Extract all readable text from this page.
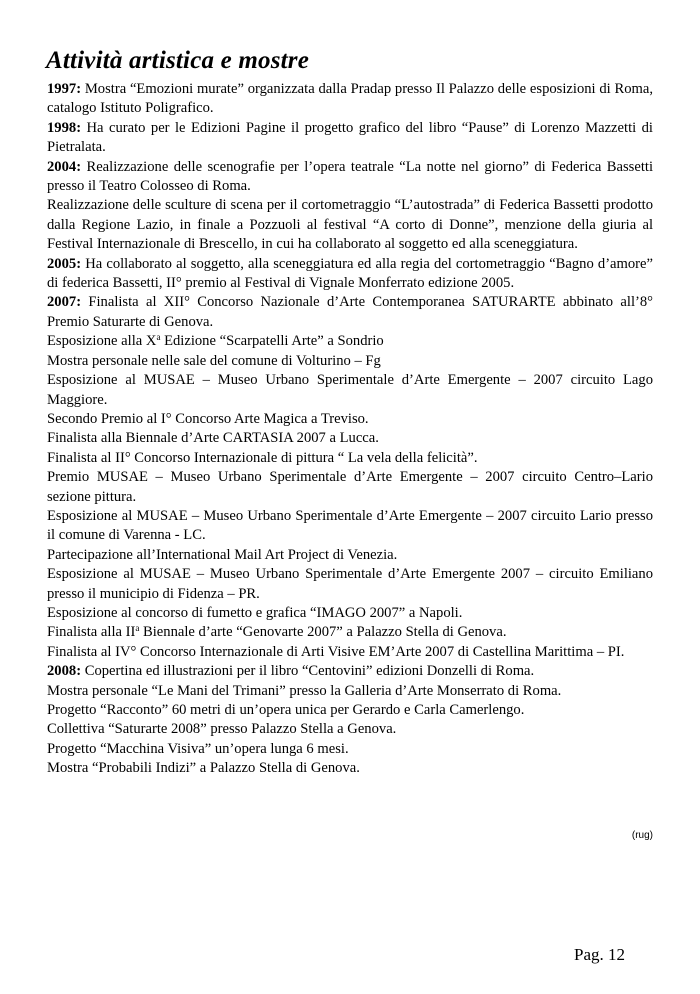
Attività artistica e mostre

1997: Mostra “Emozioni murate” organizzata dalla Pradap presso Il Palazzo delle esposizioni di Roma, catalogo Istituto Poligrafico.

1998: Ha curato per le Edizioni Pagine il progetto grafico del libro “Pause” di Lorenzo Mazzetti di Pietralata.

2004: Realizzazione delle scenografie per l’opera teatrale “La notte nel giorno” di Federica Bassetti presso il Teatro Colosseo di Roma.

Realizzazione delle sculture di scena per il cortometraggio “L’autostrada” di Federica Bassetti prodotto dalla Regione Lazio, in finale a Pozzuoli al festival “A corto di Donne”, menzione della giuria al Festival Internazionale di Brescello, in cui ha collaborato al soggetto ed alla sceneggiatura.

2005: Ha collaborato al soggetto, alla sceneggiatura ed alla regia del cortometraggio “Bagno d’amore” di federica Bassetti, II° premio al Festival di Vignale Monferrato edizione 2005.

2007: Finalista al XII° Concorso Nazionale d’Arte Contemporanea SATURARTE abbinato all’8° Premio Saturarte di Genova.

Esposizione alla $X^a$ Edizione “Scarpatelli Arte” a Sondrio

Mostra personale nelle sale del comune di Volturino – Fg

Esposizione al MUSAE – Museo Urbano Sperimentale d’Arte Emergente – 2007 circuito Lago Maggiore.

Secondo Premio al I° Concorso Arte Magica a Treviso.

Finalista alla Biennale d’Arte CARTASIA 2007 a Lucca.

Finalista al II° Concorso Internazionale di pittura “ La vela della felicità”.

Premio MUSAE – Museo Urbano Sperimentale d’Arte Emergente – 2007 circuito Centro–Lario sezione pittura.

Esposizione al MUSAE – Museo Urbano Sperimentale d’Arte Emergente – 2007 circuito Lario presso il comune di Varenna - LC.

Partecipazione all’International Mail Art Project di Venezia.

Esposizione al MUSAE – Museo Urbano Sperimentale d’Arte Emergente 2007 – circuito Emiliano presso il municipio di Fidenza – PR.

Esposizione al concorso di fumetto e grafica “IMAGO 2007” a Napoli.

Finalista alla $II^a$ Biennale d’arte “Genovarte 2007” a Palazzo Stella di Genova.

Finalista al IV° Concorso Internazionale di Arti Visive EM’Arte 2007 di Castellina Marittima – PI.

2008: Copertina ed illustrazioni per il libro “Centovini” edizioni Donzelli di Roma.

Mostra personale “Le Mani del Trimani” presso la Galleria d’Arte Monserrato di Roma.

Progetto “Racconto” 60 metri di un’opera unica per Gerardo e Carla Camerlengo.

Collettiva “Saturarte 2008” presso Palazzo Stella a Genova.

Progetto “Macchina Visiva” un’opera lunga 6 mesi.

Mostra “Probabili Indizi” a Palazzo Stella di Genova.

(rug)
Pag. 12
